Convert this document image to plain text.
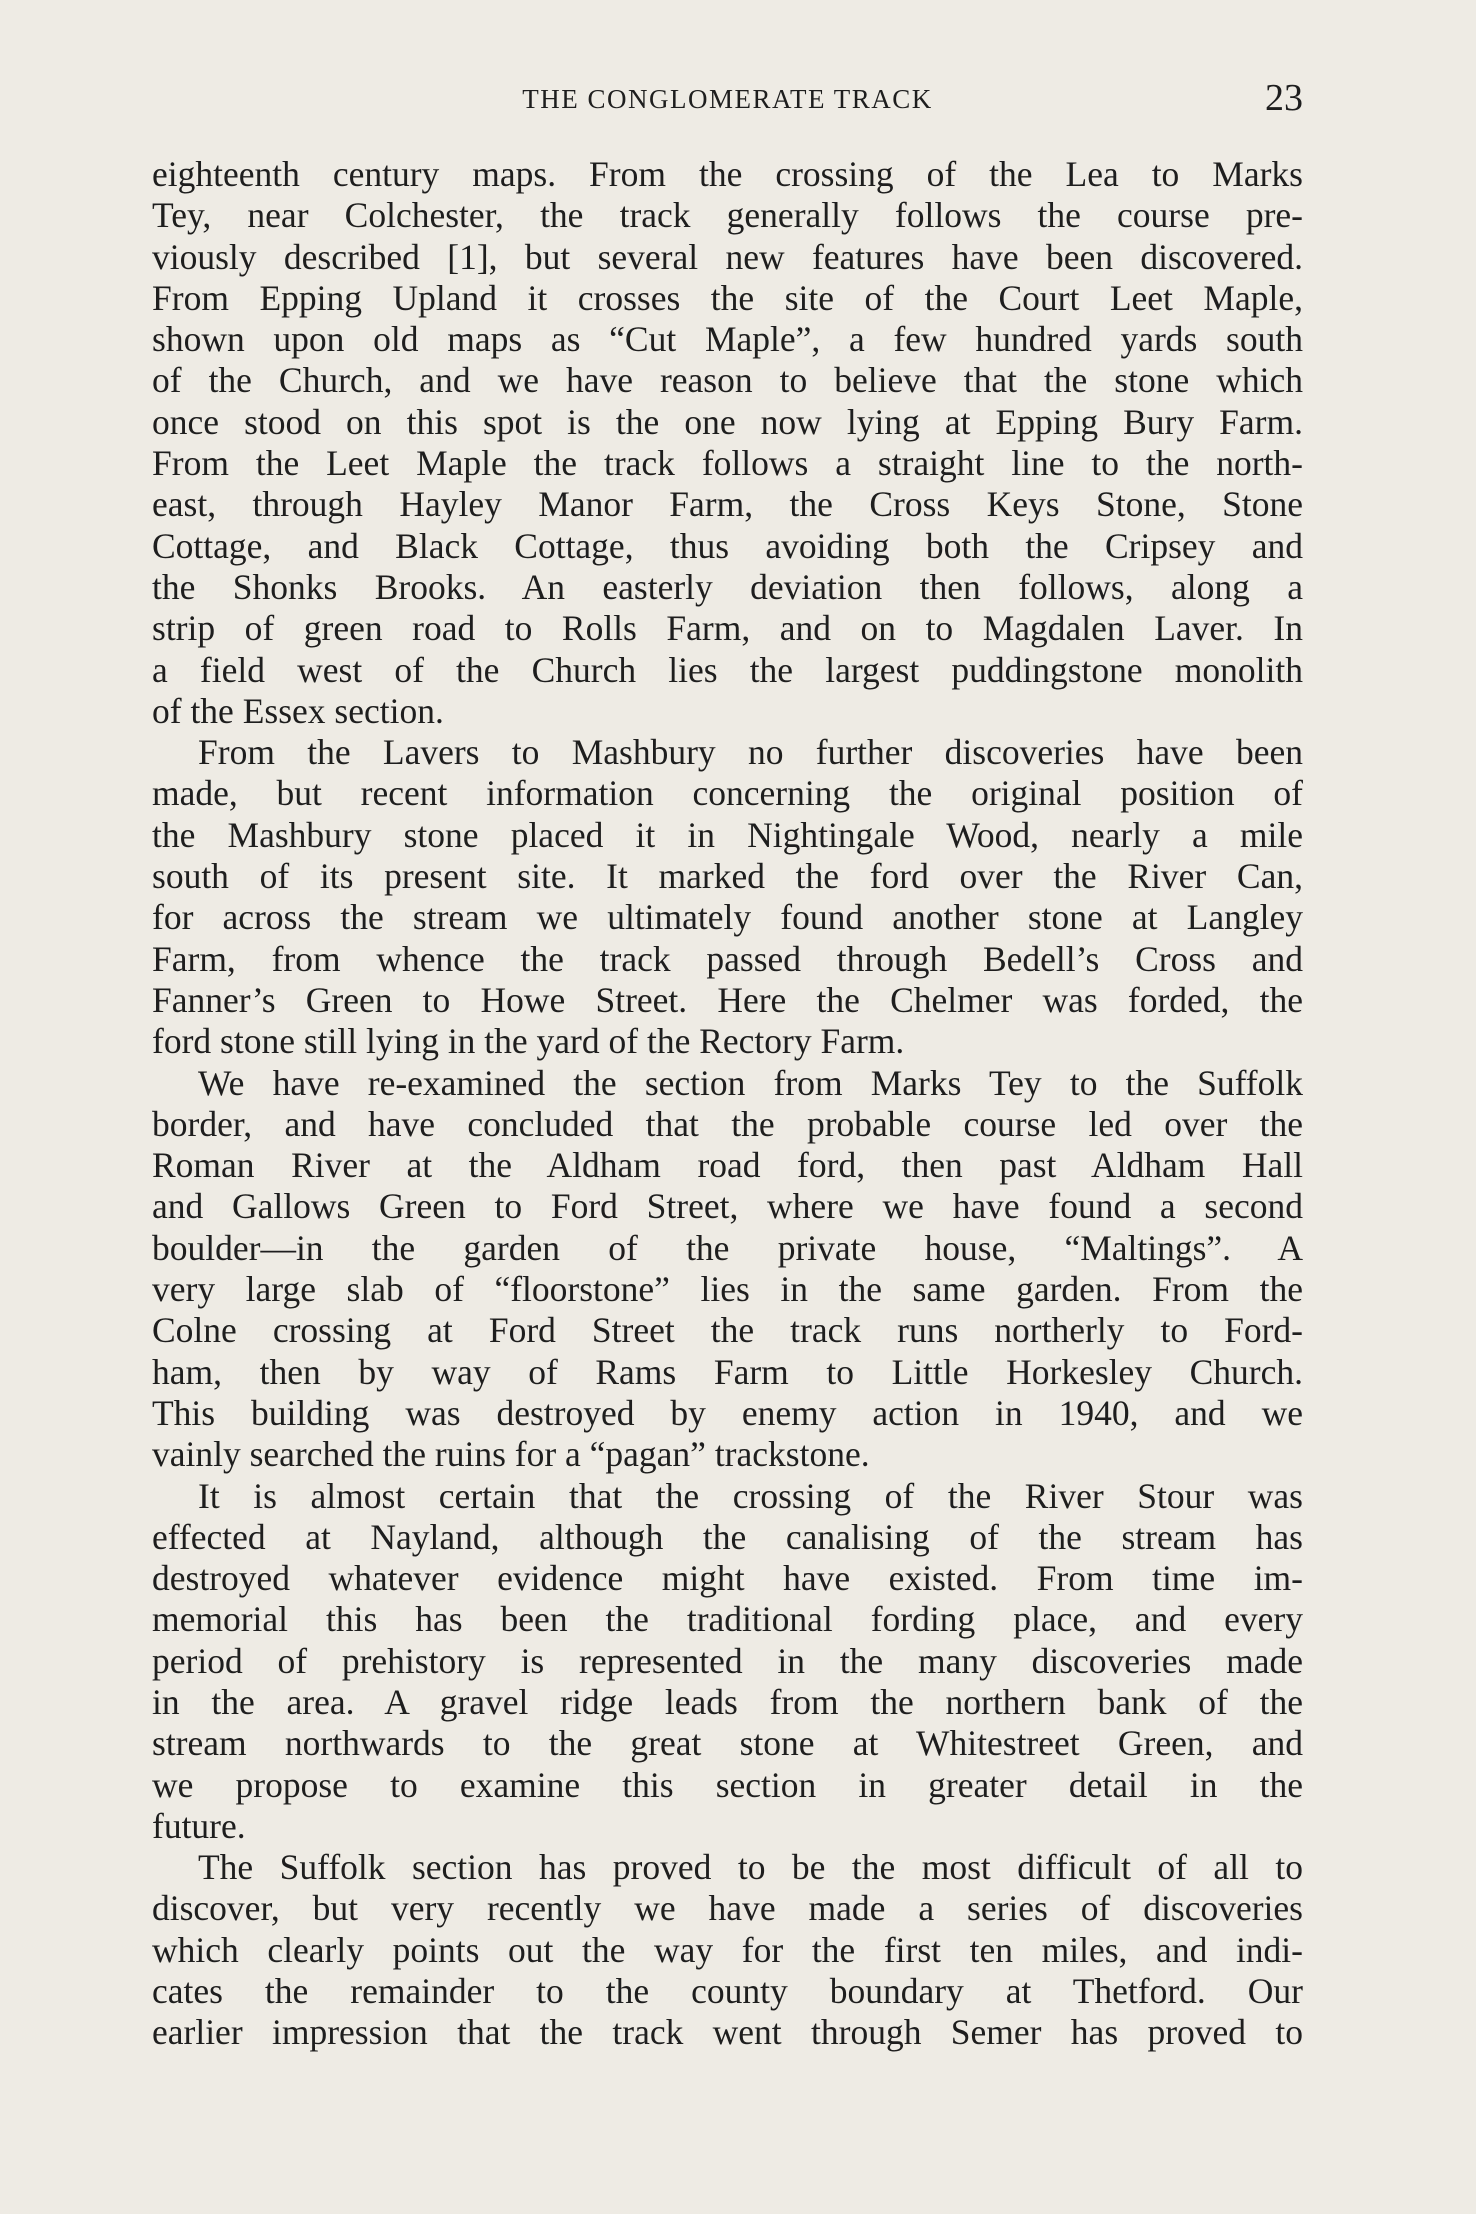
THE CONGLOMERATE TRACK	23
eighteenth century maps. From the crossing of the Lea to Marks
Tey, near Colchester, the track generally follows the course pre-
viously described [1], but several new features have been discovered.
From Epping Upland it crosses the site of the Court Leet Maple,
shown upon old maps as “Cut Maple”, a few hundred yards south
of the Church, and we have reason to believe that the stone which
once stood on this spot is the one now lying at Epping Bury Farm.
From the Leet Maple the track follows a straight line to the north-
east, through Hayley Manor Farm, the Cross Keys Stone, Stone
Cottage, and Black Cottage, thus avoiding both the Cripsey and
the Shonks Brooks. An easterly deviation then follows, along a
strip of green road to Rolls Farm, and on to Magdalen Laver. In
a field west of the Church lies the largest puddingstone monolith
of the Essex section.
From the Lavers to Mashbury no further discoveries have been
made, but recent information concerning the original position of
the Mashbury stone placed it in Nightingale Wood, nearly a mile
south of its present site. It marked the ford over the River Can,
for across the stream we ultimately found another stone at Langley
Farm, from whence the track passed through Bedell’s Cross and
Fanner’s Green to Howe Street. Here the Chelmer was forded, the
ford stone still lying in the yard of the Rectory Farm.
We have re-examined the section from Marks Tey to the Suffolk
border, and have concluded that the probable course led over the
Roman River at the Aldham road ford, then past Aldham Hall
and Gallows Green to Ford Street, where we have found a second
boulder—in the garden of the private house, “Maltings”. A
very large slab of “floorstone” lies in the same garden. From the
Colne crossing at Ford Street the track runs northerly to Ford-
ham, then by way of Rams Farm to Little Horkesley Church.
This building was destroyed by enemy action in 1940, and we
vainly searched the ruins for a “pagan” trackstone.
It is almost certain that the crossing of the River Stour was
effected at Nayland, although the canalising of the stream has
destroyed whatever evidence might have existed. From time im-
memorial this has been the traditional fording place, and every
period of prehistory is represented in the many discoveries made
in the area. A gravel ridge leads from the northern bank of the
stream northwards to the great stone at Whitestreet Green, and
we propose to examine this section in greater detail in the
future.
The Suffolk section has proved to be the most difficult of all to
discover, but very recently we have made a series of discoveries
which clearly points out the way for the first ten miles, and indi-
cates the remainder to the county boundary at Thetford. Our
earlier impression that the track went through Semer has proved to
